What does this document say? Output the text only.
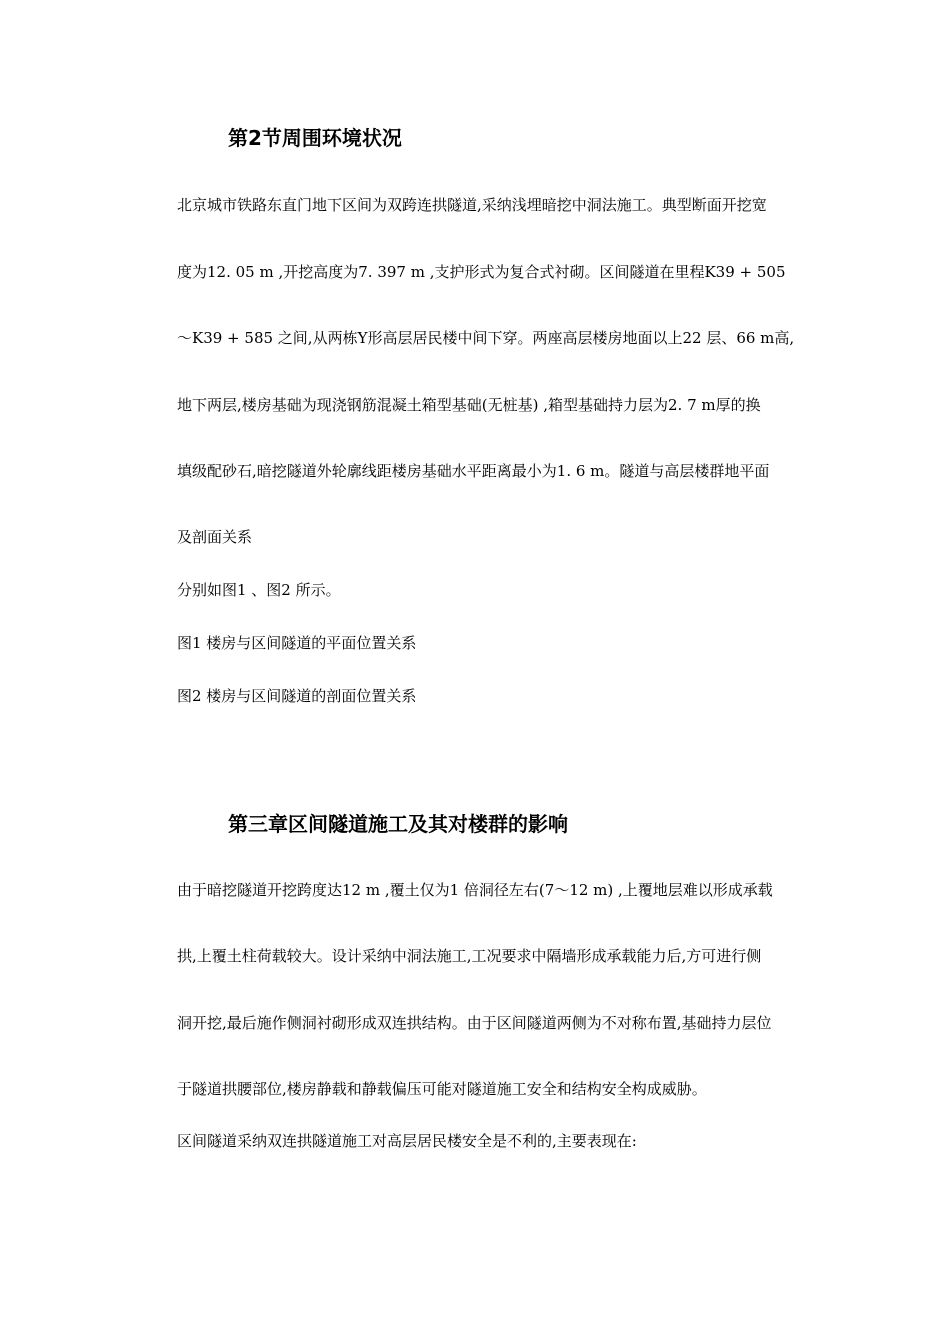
第2节周围环境状况

北京城市铁路东直门地下区间为双跨连拱隧道,采纳浅埋暗挖中洞法施工。典型断面开挖宽

度为12. 05 m ,开挖高度为7. 397 m ,支护形式为复合式衬砌。区间隧道在里程K39 + 505

～K39 + 585 之间,从两栋Y形高层居民楼中间下穿。两座高层楼房地面以上22 层、66 m高,

地下两层,楼房基础为现浇钢筋混凝土箱型基础(无桩基) ,箱型基础持力层为2. 7 m厚的换

填级配砂石,暗挖隧道外轮廓线距楼房基础水平距离最小为1. 6 m。隧道与高层楼群地平面

及剖面关系

分别如图1 、图2 所示。

图1 楼房与区间隧道的平面位置关系

图2 楼房与区间隧道的剖面位置关系

第三章区间隧道施工及其对楼群的影响

由于暗挖隧道开挖跨度达12 m ,覆土仅为1 倍洞径左右(7～12 m) ,上覆地层难以形成承载

拱,上覆土柱荷载较大。设计采纳中洞法施工,工况要求中隔墙形成承载能力后,方可进行侧

洞开挖,最后施作侧洞衬砌形成双连拱结构。由于区间隧道两侧为不对称布置,基础持力层位

于隧道拱腰部位,楼房静载和静载偏压可能对隧道施工安全和结构安全构成威胁。

区间隧道采纳双连拱隧道施工对高层居民楼安全是不利的,主要表现在:
